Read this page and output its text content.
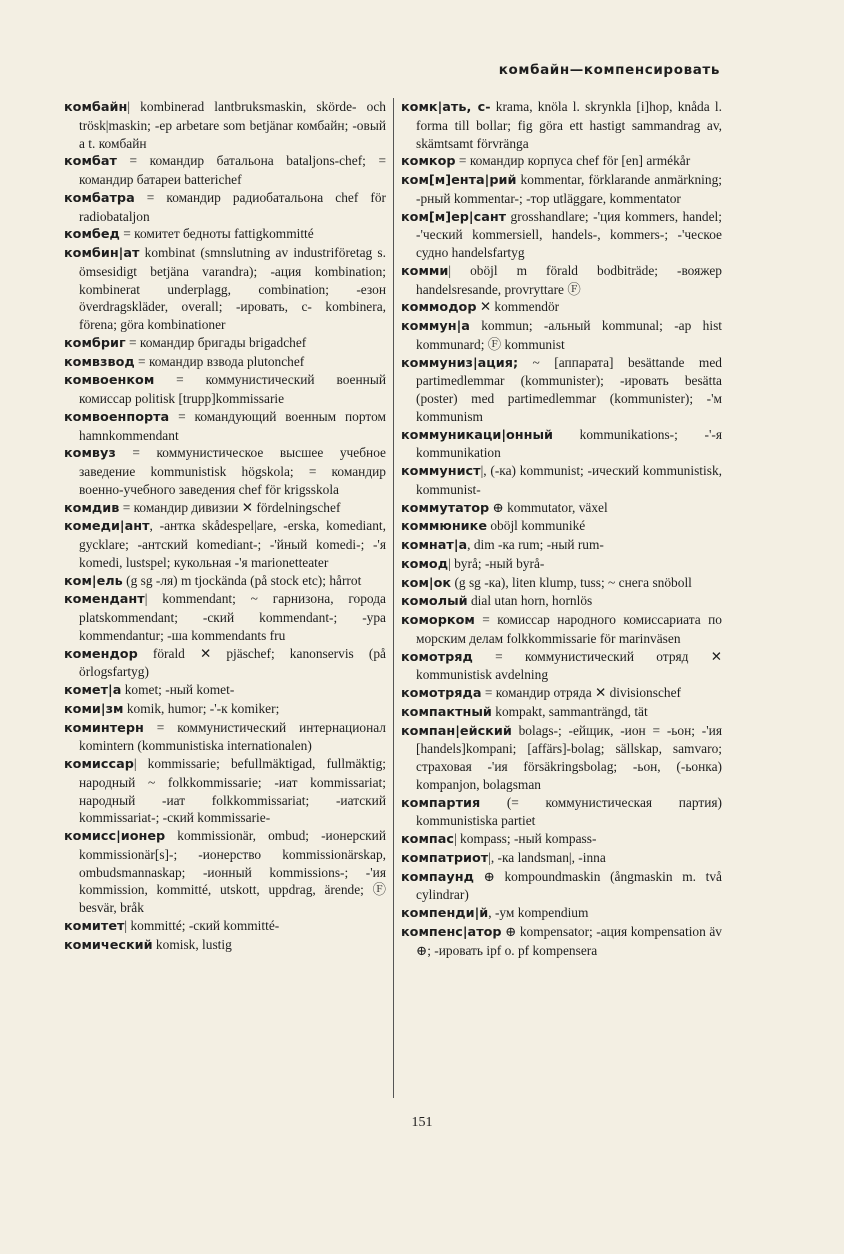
комбайн—компенсировать
комбайн| kombinerad lantbruksmaskin, skörde- och trösk|maskin; -ер arbetare som betjänar комбайн; -овый a t. комбайн
комбат = командир батальона bataljons-chef; = командир батареи batterichef
комбатра = командир радиобатальона chef för radiobataljon
комбед = комитет бедноты fattigkommitté
комбин|ат kombinat (smnslutning av industriföretag s. ömsesidigt betjäna varandra); -ация kombination; kombinerat underplagg, combination; -езон överdragskläder, overall; -ировать, c- kombinera, förena; göra kombinationer
комбриг = командир бригады brigadchef
комвзвод = командир взвода plutonchef
комвоенком = коммунистический военный комиссар politisk [trupp]kommissarie
комвоенпорта = командующий военным портом hamnkommendant
комвуз = коммунистическое высшее учебное заведение kommunistisk högskola; = командир военно-учебного заведения chef för krigsskola
комдив = командир дивизии ✕ fördelningschef
комеди|ант, -антка skådespel|are, -erska, komediant, gycklare; -антский komediant-; -'йный komedi-; -'я komedi, lustspel; кукольная -'я marionetteater
ком|ель (g sg -ля) m tjockända (på stock etc); hårrot
комендант| kommendant; ~ гарнизона, города platskommendant; -ский kommendant-; -ура kommendantur; -ша kommendants fru
комендор förald ✕ pjäschef; kanonservis (på örlogsfartyg)
комет|а komet; -ный komet-
коми|зм komik, humor; -'-к komiker;
коминтерн = коммунистический интернационал komintern (kommunistiska internationalen)
комиссар| kommissarie; befullmäktigad, fullmäktig; народный ~ folkkommissarie; -иат kommissariat; народный -иат folkkommissariat; -иатский kommissariat-; -ский kommissarie-
комисс|ионер kommissionär, ombud; -ионерский kommissionär[s]-; -ионерство kommissionärskap, ombudsmannaskap; -ионный kommissions-; -'ия kommission, kommitté, utskott, uppdrag, ärende; Ⓕ besvär, bråk
комитет| kommitté; -ский kommitté-
комический komisk, lustig
комк|ать, с- krama, knöla l. skrynkla [i]hop, knåda l. forma till bollar; fig göra ett hastigt sammandrag av, skämtsamt förvränga
комкор = командир корпуса chef för [en] armékår
ком[м]ента|рий kommentar, förklarande anmärkning; -рный kommentar-; -тор utläggare, kommentator
ком[м]ер|сант grosshandlare; -'ция kommers, handel; -'ческий kommersiell, handels-, kommers-; -'ческое судно handelsfartyg
комми| oböjl m förald bodbiträde; -вояжер handelsresande, provryttare Ⓕ
коммодор ✕ kommendör
коммун|а kommun; -альный kommunal; -ар hist kommunard; Ⓕ kommunist
коммуниз|ация; ~ [аппарата] besättande med partimedlemmar (kommunister); -ировать besätta (poster) med partimedlemmar (kommunister); -'м kommunism
коммуникаци|онный kommunikations-; -'-я kommunikation
коммунист|, (-ка) kommunist; -ический kommunistisk, kommunist-
коммутатор ⊕ kommutator, växel
коммюнике oböjl kommuniké
комнат|а, dim -ка rum; -ный rum-
комод| byrå; -ный byrå-
ком|ок (g sg -ка), liten klump, tuss; ~ снега snöboll
комолый dial utan horn, hornlös
коморком = комиссар народного комиссариата по морским делам folkkommissarie för marinväsen
комотряд = коммунистический отряд ✕ kommunistisk avdelning
комотряда = командир отряда ✕ divisionschef
компактный kompakt, sammanträngd, tät
компан|ейский bolags-; -ейщик, -ион = -ьон; -'ия [handels]kompani; [affärs]-bolag; sällskap, samvaro; страховая -'ия försäkringsbolag; -ьон, (-ьонка) kompanjon, bolagsman
компартия (= коммунистическая партия) kommunistiska partiet
компас| kompass; -ный kompass-
компатриот|, -ка landsman|, -inna
компаунд ⊕ kompoundmaskin (ångmaskin m. två cylindrar)
компенди|й, -ум kompendium
компенс|атор ⊕ kompensator; -ация kompensation äv ⊕; -ировать ipf o. pf kompensera
151
